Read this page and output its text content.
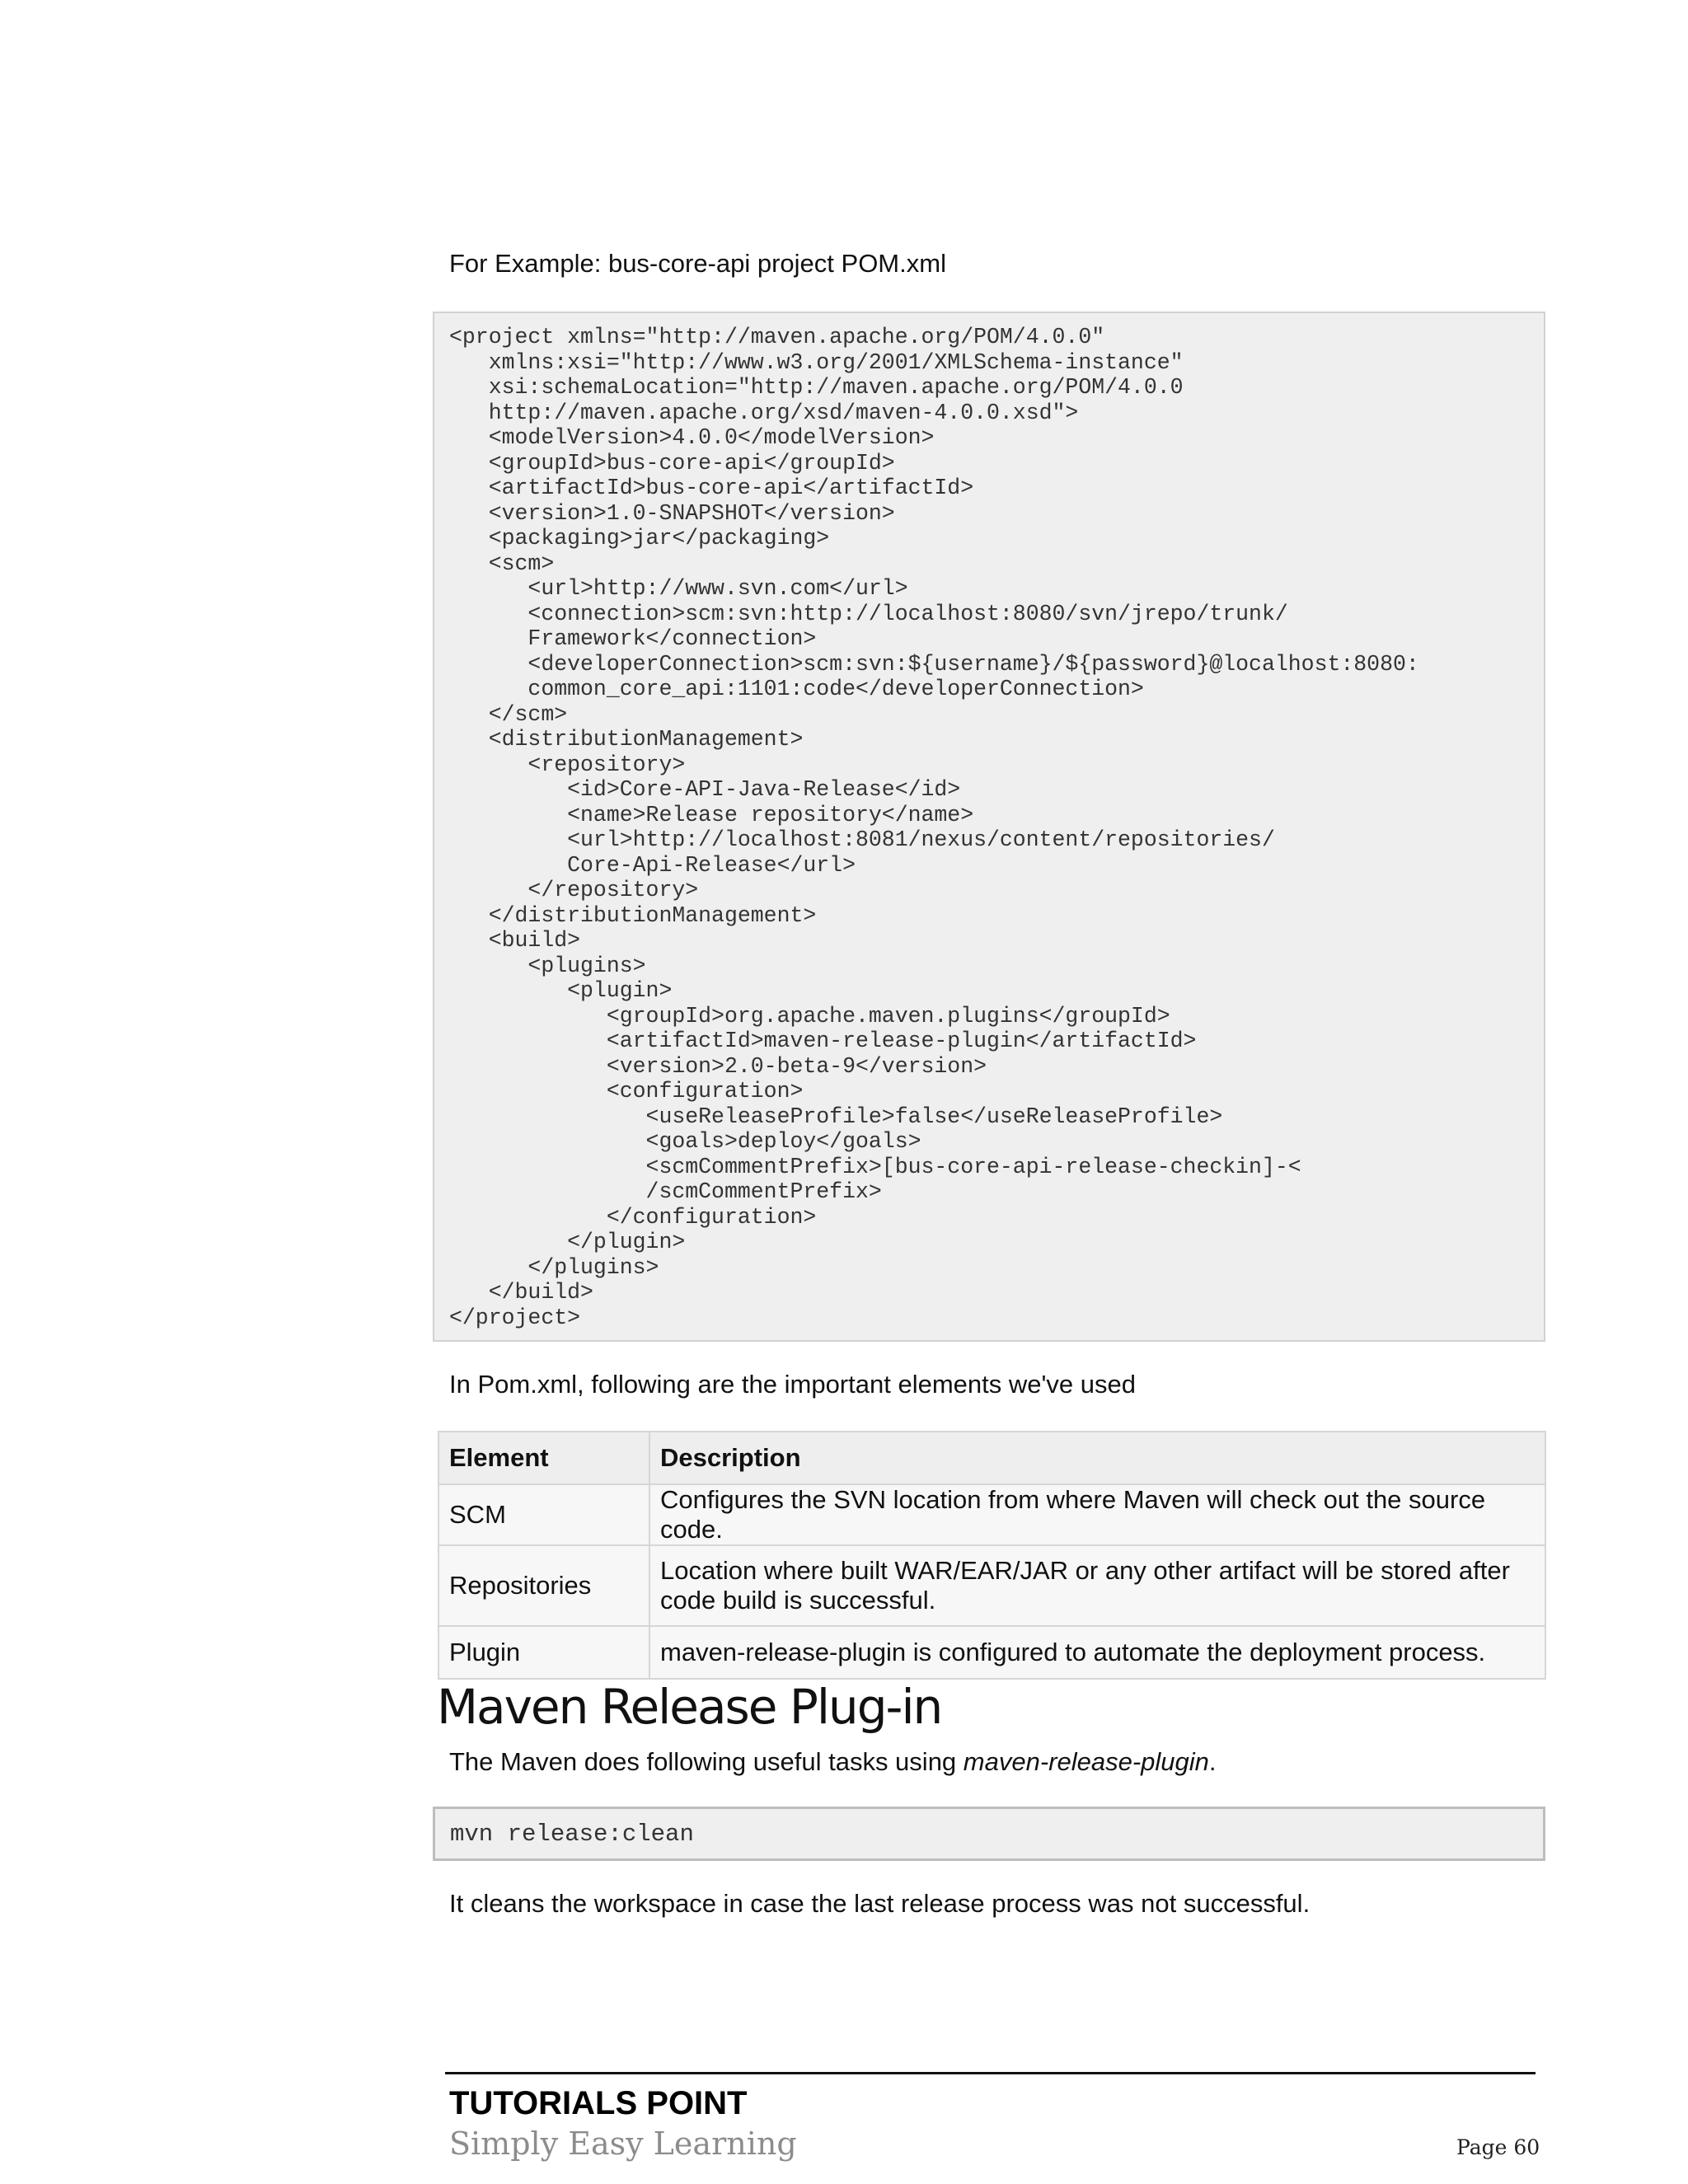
For Example: bus-core-api project POM.xml
<project xmlns="http://maven.apache.org/POM/4.0.0"
xmlns:xsi="http://www.w3.org/2001/XMLSchema-instance"
xsi:schemaLocation="http://maven.apache.org/POM/4.0.0
http://maven.apache.org/xsd/maven-4.0.0.xsd">
<modelVersion>4.0.0</modelVersion>
<groupId>bus-core-api</groupId>
<artifactId>bus-core-api</artifactId>
<version>1.0-SNAPSHOT</version>
<packaging>jar</packaging>
<scm>
<url>http://www.svn.com</url>
<connection>scm:svn:http://localhost:8080/svn/jrepo/trunk/
Framework</connection>
<developerConnection>scm:svn:${username}/${password}@localhost:8080:
common_core_api:1101:code</developerConnection>
</scm>
<distributionManagement>
<repository>
<id>Core-API-Java-Release</id>
<name>Release repository</name>
<url>http://localhost:8081/nexus/content/repositories/
Core-Api-Release</url>
</repository>
</distributionManagement>
<build>
<plugins>
<plugin>
<groupId>org.apache.maven.plugins</groupId>
<artifactId>maven-release-plugin</artifactId>
<version>2.0-beta-9</version>
<configuration>
<useReleaseProfile>false</useReleaseProfile>
<goals>deploy</goals>
<scmCommentPrefix>[bus-core-api-release-checkin]-<
/scmCommentPrefix>
</configuration>
</plugin>
</plugins>
</build>
</project>
In Pom.xml, following are the important elements we've used
Element	Description
SCM	Configures the SVN location from where Maven will check out the source code.
Repositories	Location where built WAR/EAR/JAR or any other artifact will be stored after code build is successful.
Plugin	maven-release-plugin is configured to automate the deployment process.
Maven Release Plug-in
The Maven does following useful tasks using maven-release-plugin.
mvn release:clean
It cleans the workspace in case the last release process was not successful.
TUTORIALS POINT
Simply Easy Learning	Page 60
